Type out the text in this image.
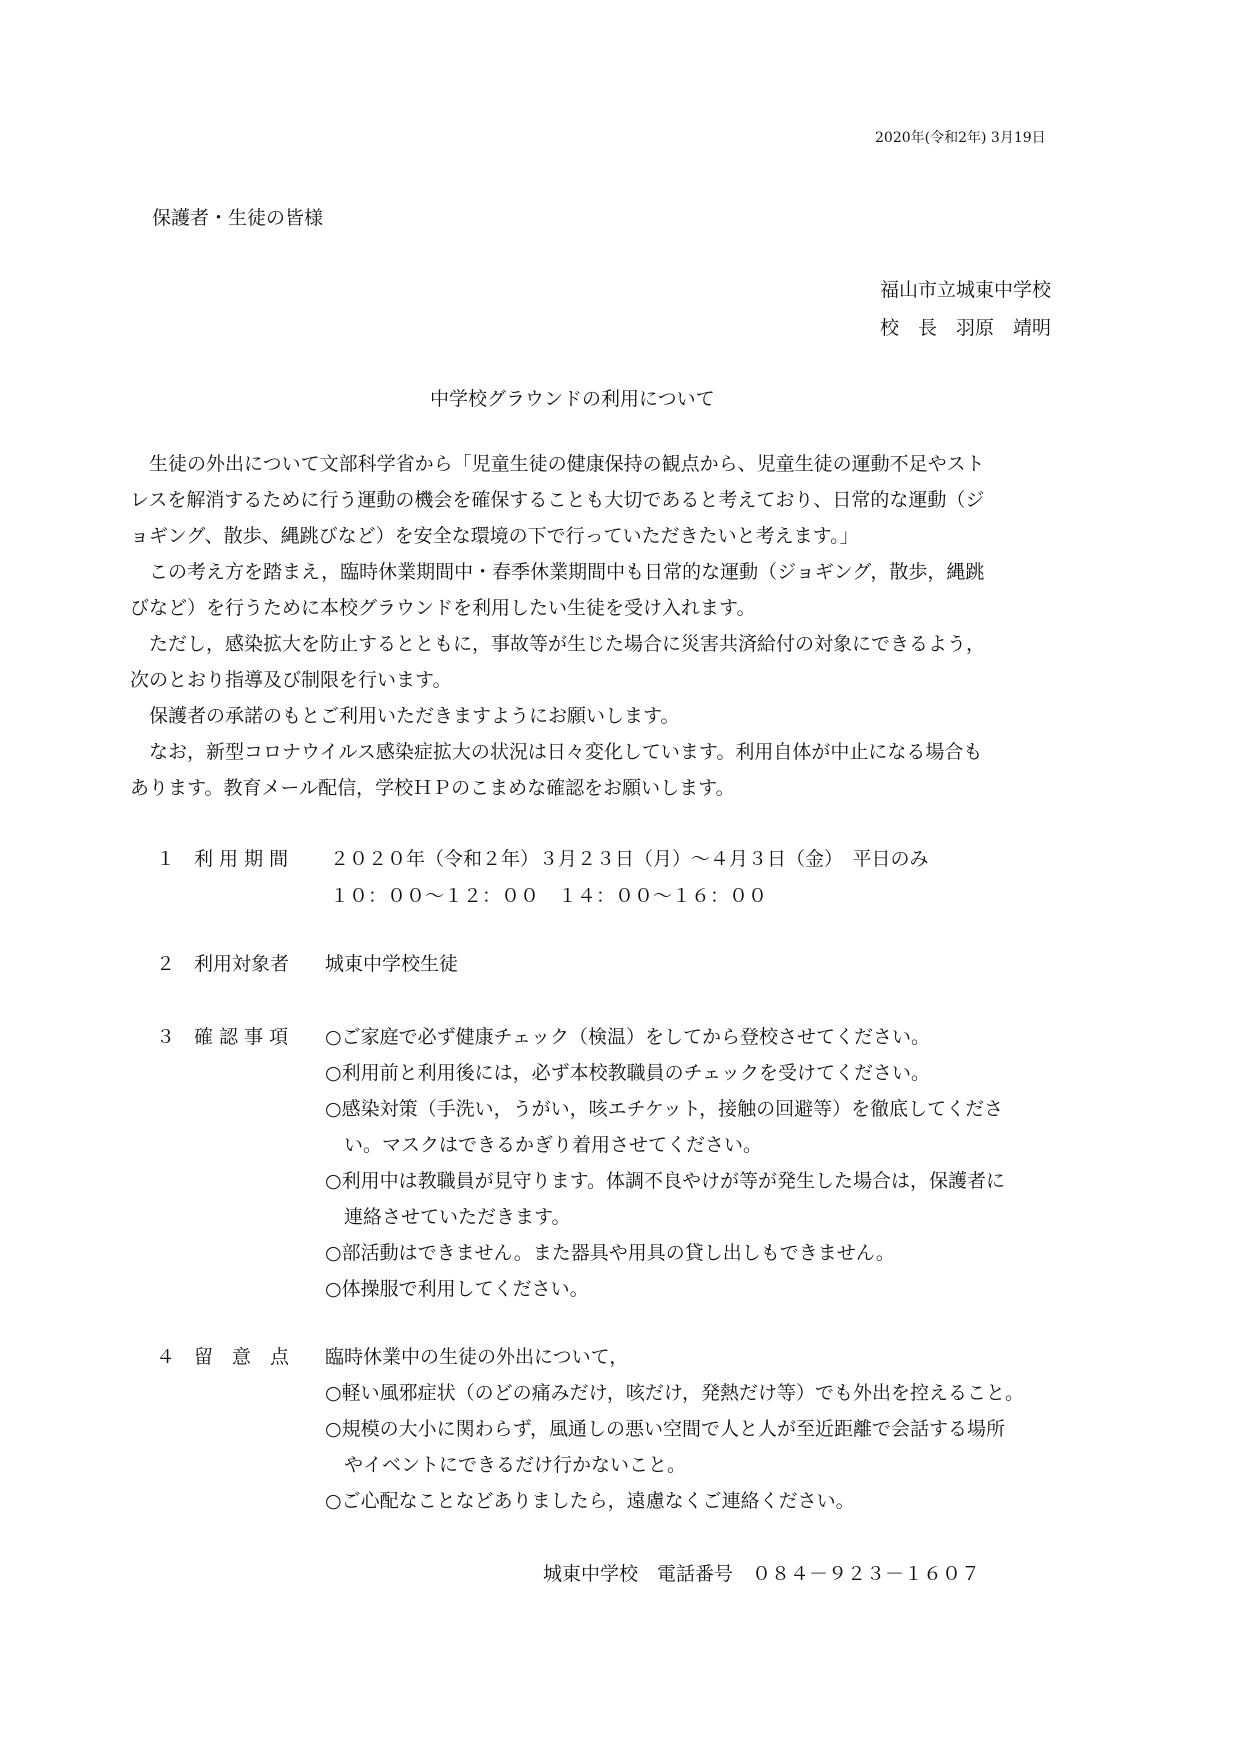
2020年(令和2年) 3月19日
保護者・生徒の皆様
福山市立城東中学校
校　長　羽原　靖明
中学校グラウンドの利用について
　生徒の外出について文部科学省から「児童生徒の健康保持の観点から、児童生徒の運動不足やスト
レスを解消するために行う運動の機会を確保することも大切であると考えており、日常的な運動（ジ
ョギング、散歩、縄跳びなど）を安全な環境の下で行っていただきたいと考えます。」
　この考え方を踏まえ，臨時休業期間中・春季休業期間中も日常的な運動（ジョギング，散歩，縄跳
びなど）を行うために本校グラウンドを利用したい生徒を受け入れます。
　ただし，感染拡大を防止するとともに，事故等が生じた場合に災害共済給付の対象にできるよう，
次のとおり指導及び制限を行います。
　保護者の承諾のもとご利用いただきますようにお願いします。
　なお，新型コロナウイルス感染症拡大の状況は日々変化しています。利用自体が中止になる場合も
あります。教育メール配信，学校ＨＰのこまめな確認をお願いします。
１　利 用 期 間 ２０２０年（令和２年）３月２３日（月）～４月３日（金）　平日のみ
１０：００～１２：００　１４：００～１６：００
２　利用対象者 城東中学校生徒
３　確 認 事 項 ○ご家庭で必ず健康チェック（検温）をしてから登校させてください。
○利用前と利用後には，必ず本校教職員のチェックを受けてください。
○感染対策（手洗い，うがい，咳エチケット，接触の回避等）を徹底してくださ
　い。マスクはできるかぎり着用させてください。
○利用中は教職員が見守ります。体調不良やけが等が発生した場合は，保護者に
　連絡させていただきます。
○部活動はできません。また器具や用具の貸し出しもできません。
○体操服で利用してください。
４　留　意　点 臨時休業中の生徒の外出について，
○軽い風邪症状（のどの痛みだけ，咳だけ，発熱だけ等）でも外出を控えること。
○規模の大小に関わらず，風通しの悪い空間で人と人が至近距離で会話する場所
　やイベントにできるだけ行かないこと。
○ご心配なことなどありましたら，遠慮なくご連絡ください。
城東中学校　電話番号　０８４－９２３－１６０７
